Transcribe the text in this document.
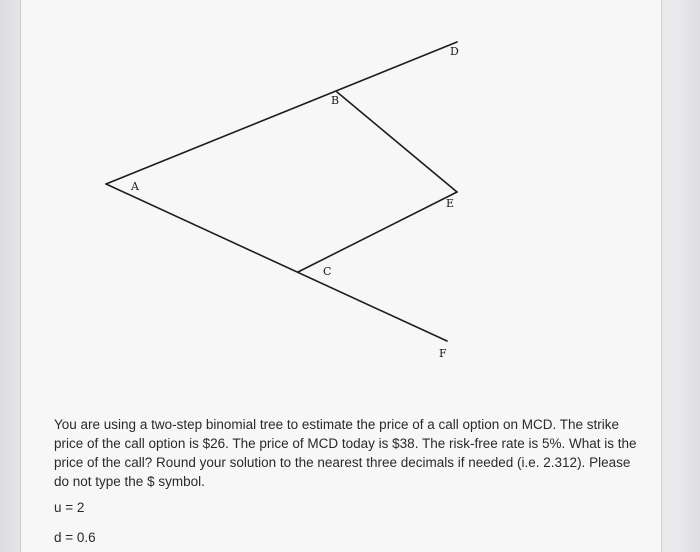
A
B
C
D
E
F

You are using a two-step binomial tree to estimate the price of a call option on MCD. The strike price of the call option is $26. The price of MCD today is $38. The risk-free rate is 5%. What is the price of the call? Round your solution to the nearest three decimals if needed (i.e. 2.312). Please do not type the $ symbol.

u = 2

d = 0.6
